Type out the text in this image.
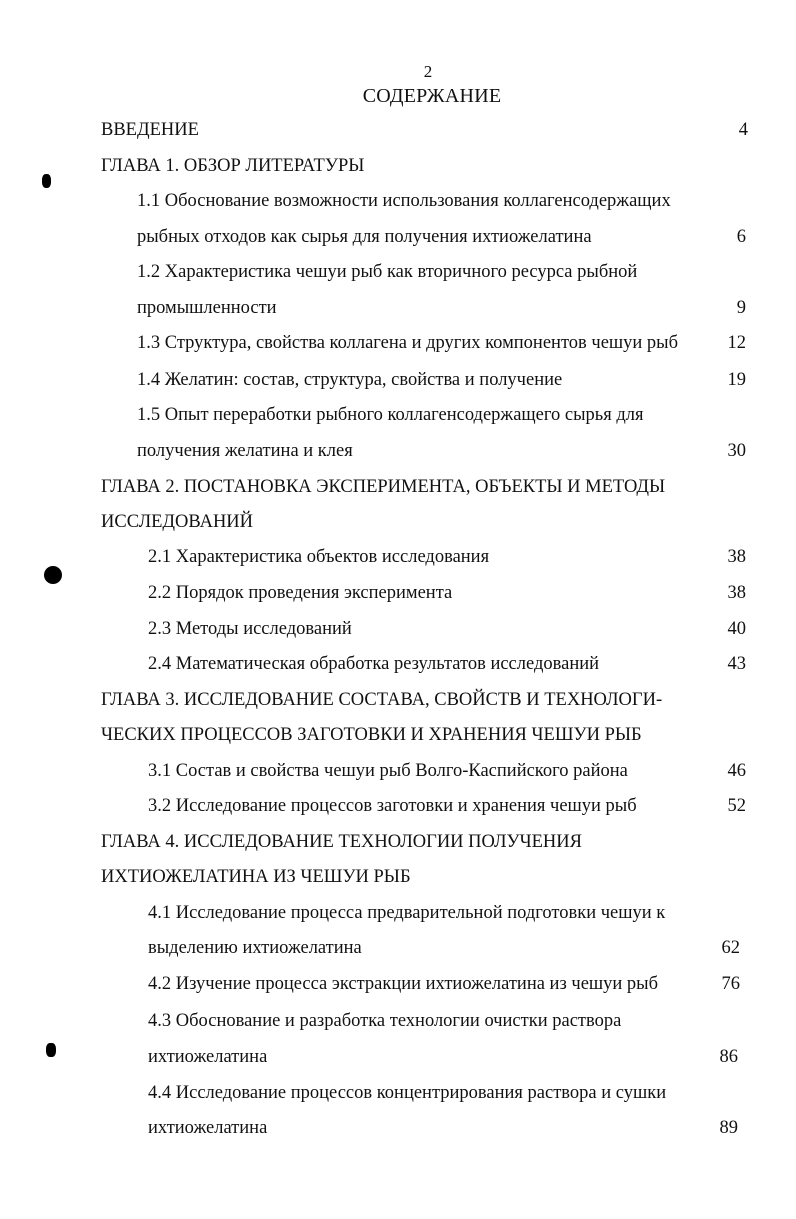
2
СОДЕРЖАНИЕ
ВВЕДЕНИЕ	4
ГЛАВА 1. ОБЗОР ЛИТЕРАТУРЫ
1.1 Обоснование возможности использования коллагенсодержащих
рыбных отходов как сырья для получения ихтиожелатина	6
1.2 Характеристика чешуи рыб как вторичного ресурса рыбной
промышленности	9
1.3 Структура, свойства коллагена и других компонентов чешуи рыб	12
1.4 Желатин: состав, структура, свойства и получение	19
1.5 Опыт переработки рыбного коллагенсодержащего сырья для
получения желатина и клея	30
ГЛАВА 2. ПОСТАНОВКА ЭКСПЕРИМЕНТА, ОБЪЕКТЫ И МЕТОДЫ
ИССЛЕДОВАНИЙ
2.1 Характеристика объектов исследования	38
2.2 Порядок проведения эксперимента	38
2.3 Методы исследований	40
2.4 Математическая обработка результатов исследований	43
ГЛАВА 3. ИССЛЕДОВАНИЕ СОСТАВА, СВОЙСТВ И ТЕХНОЛОГИ-
ЧЕСКИХ ПРОЦЕССОВ ЗАГОТОВКИ И ХРАНЕНИЯ ЧЕШУИ РЫБ
3.1 Состав и свойства чешуи рыб Волго-Каспийского района	46
3.2 Исследование процессов заготовки и хранения чешуи рыб	52
ГЛАВА 4. ИССЛЕДОВАНИЕ ТЕХНОЛОГИИ ПОЛУЧЕНИЯ
ИХТИОЖЕЛАТИНА ИЗ ЧЕШУИ РЫБ
4.1 Исследование процесса предварительной подготовки чешуи к
выделению ихтиожелатина	62
4.2 Изучение процесса экстракции ихтиожелатина из чешуи рыб	76
4.3 Обоснование и разработка технологии очистки раствора
ихтиожелатина	86
4.4 Исследование процессов концентрирования раствора и сушки
ихтиожелатина	89
